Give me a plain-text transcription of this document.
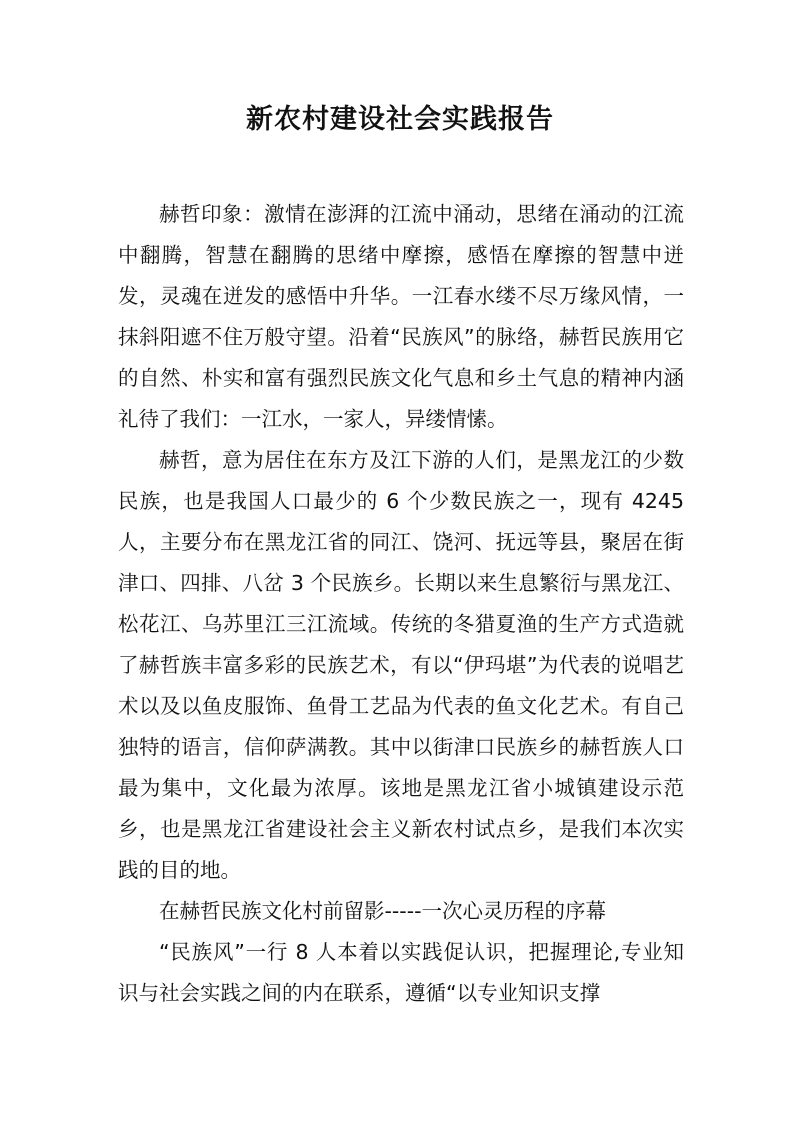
新农村建设社会实践报告

赫哲印象：激情在澎湃的江流中涌动，思绪在涌动的江流中翻腾，智慧在翻腾的思绪中摩擦，感悟在摩擦的智慧中迸发，灵魂在迸发的感悟中升华。一江春水缕不尽万缘风情，一抹斜阳遮不住万般守望。沿着“民族风”的脉络，赫哲民族用它的自然、朴实和富有强烈民族文化气息和乡土气息的精神内涵礼待了我们：一江水，一家人，异缕情愫。

赫哲，意为居住在东方及江下游的人们，是黑龙江的少数民族，也是我国人口最少的 6 个少数民族之一，现有 4245 人，主要分布在黑龙江省的同江、饶河、抚远等县，聚居在街津口、四排、八岔 3 个民族乡。长期以来生息繁衍与黑龙江、松花江、乌苏里江三江流域。传统的冬猎夏渔的生产方式造就了赫哲族丰富多彩的民族艺术，有以“伊玛堪”为代表的说唱艺术以及以鱼皮服饰、鱼骨工艺品为代表的鱼文化艺术。有自己独特的语言，信仰萨满教。其中以街津口民族乡的赫哲族人口最为集中，文化最为浓厚。该地是黑龙江省小城镇建设示范乡，也是黑龙江省建设社会主义新农村试点乡，是我们本次实践的目的地。

在赫哲民族文化村前留影-----一次心灵历程的序幕

“民族风”一行 8 人本着以实践促认识，把握理论,专业知识与社会实践之间的内在联系，遵循“以专业知识支撑
